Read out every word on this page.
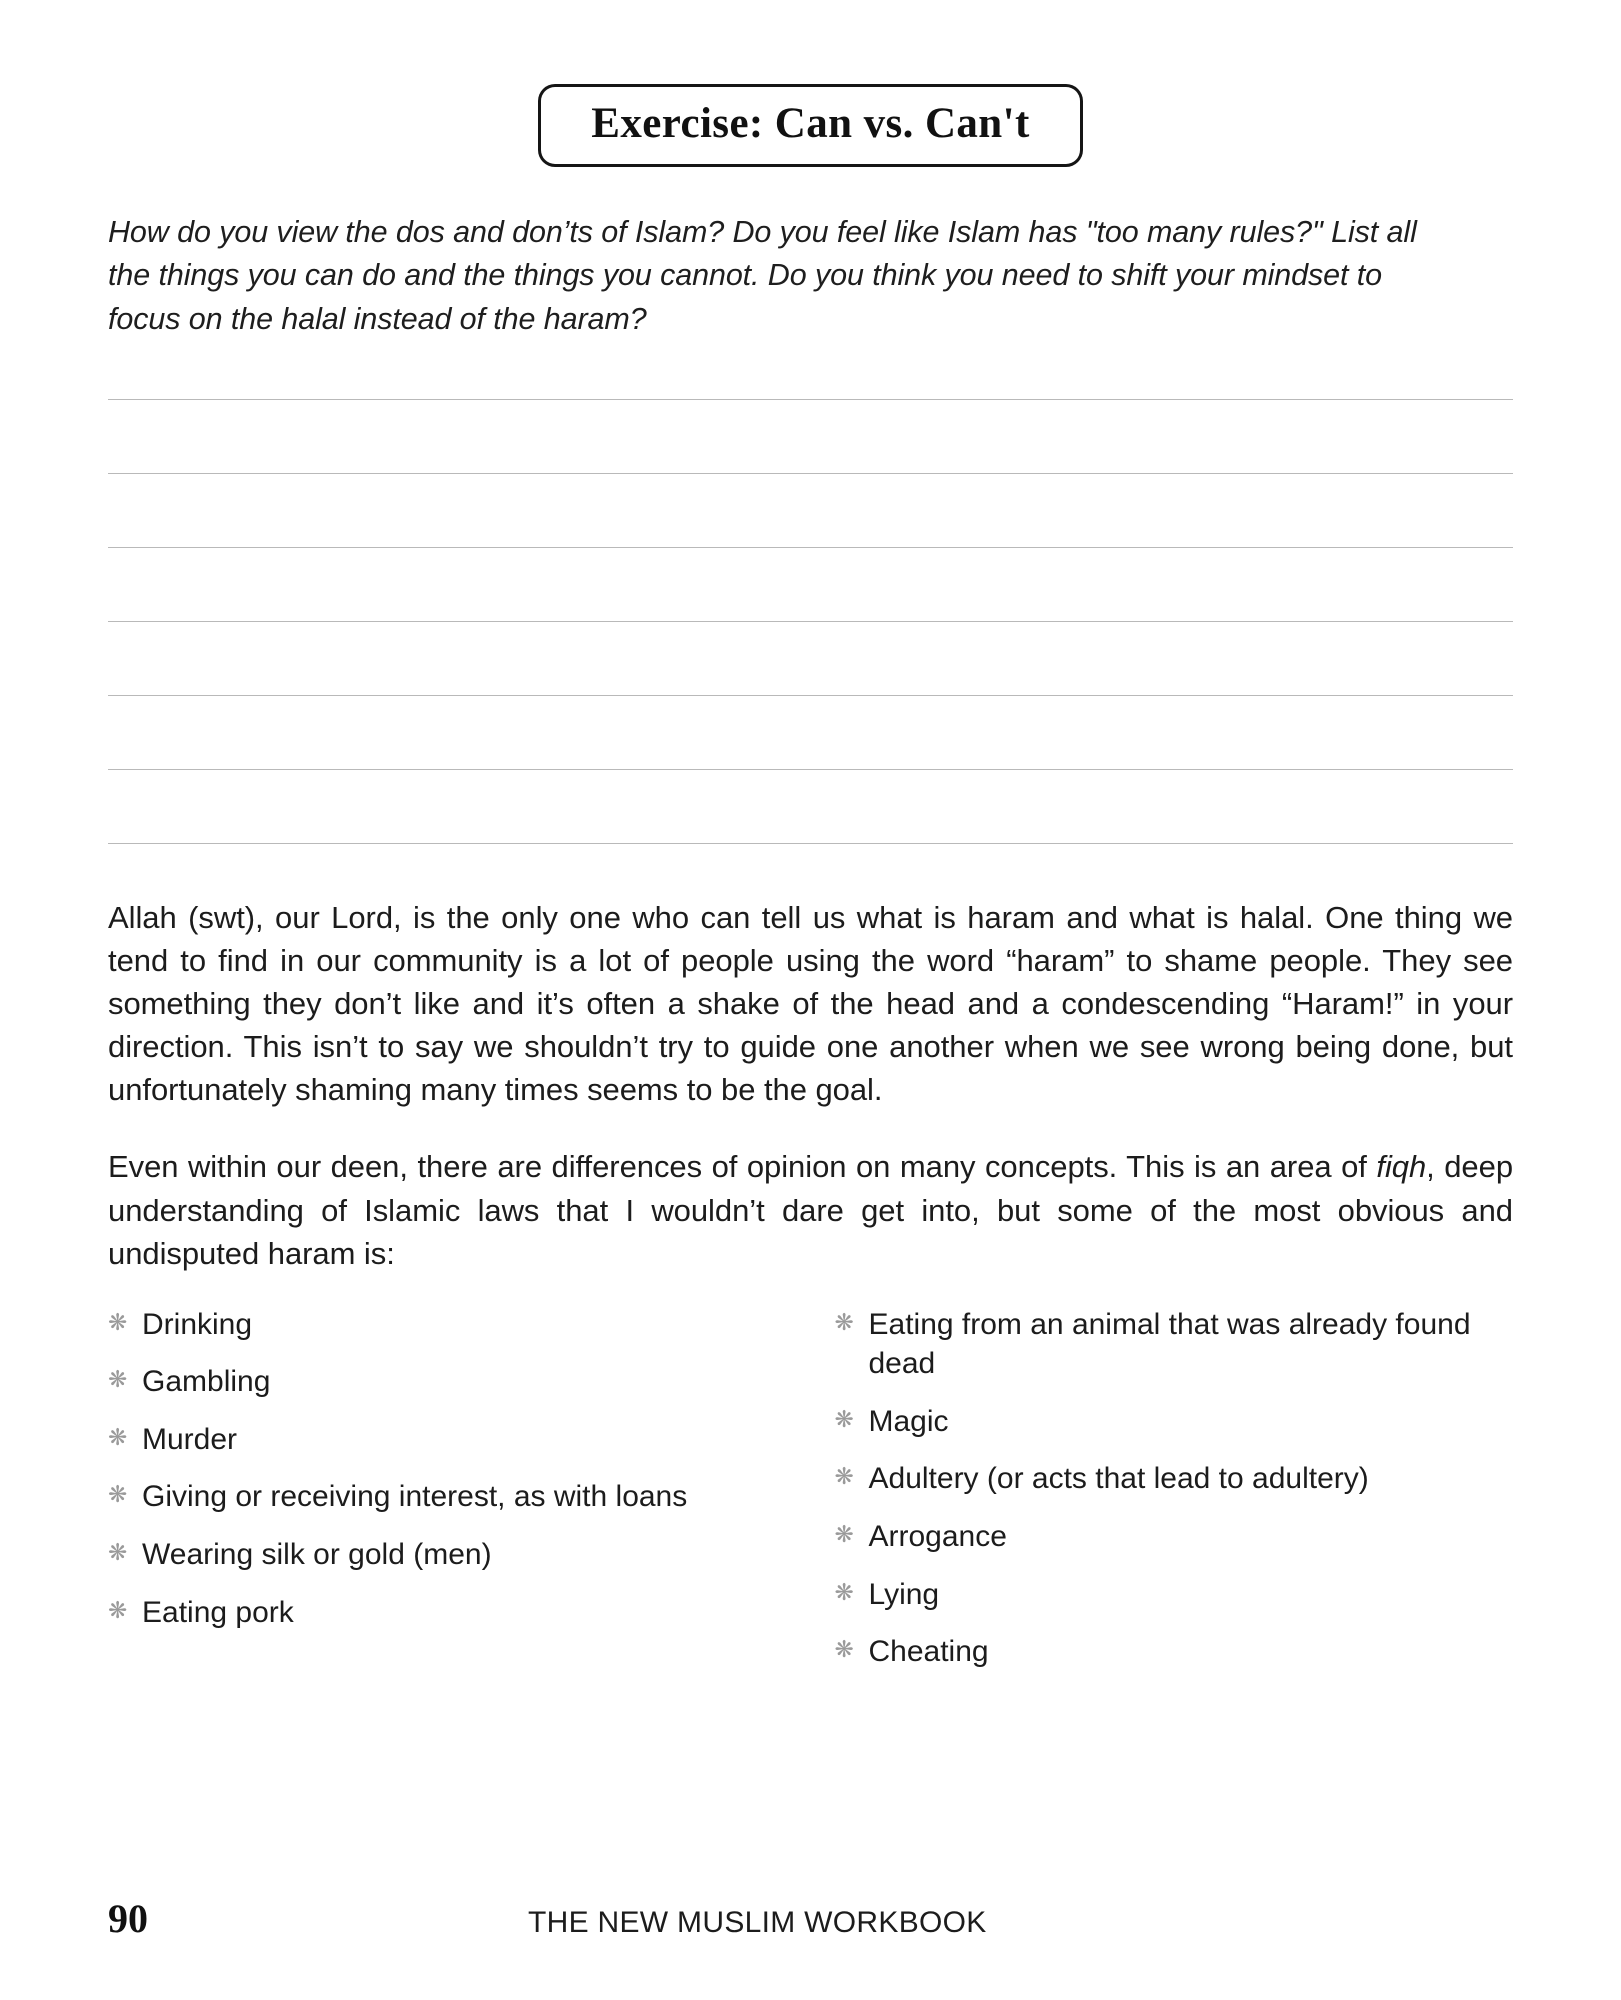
Exercise: Can vs. Can't
How do you view the dos and don’ts of Islam? Do you feel like Islam has "too many rules?" List all the things you can do and the things you cannot. Do you think you need to shift your mindset to focus on the halal instead of the haram?

Allah (swt), our Lord, is the only one who can tell us what is haram and what is halal. One thing we tend to find in our community is a lot of people using the word “haram” to shame people. They see something they don’t like and it’s often a shake of the head and a condescending “Haram!” in your direction. This isn’t to say we shouldn’t try to guide one another when we see wrong being done, but unfortunately shaming many times seems to be the goal.

Even within our deen, there are differences of opinion on many concepts. This is an area of fiqh, deep understanding of Islamic laws that I wouldn’t dare get into, but some of the most obvious and undisputed haram is:

❋ Drinking
❋ Gambling
❋ Murder
❋ Giving or receiving interest, as with loans
❋ Wearing silk or gold (men)
❋ Eating pork
❋ Eating from an animal that was already found dead
❋ Magic
❋ Adultery (or acts that lead to adultery)
❋ Arrogance
❋ Lying
❋ Cheating
90	THE NEW MUSLIM WORKBOOK
